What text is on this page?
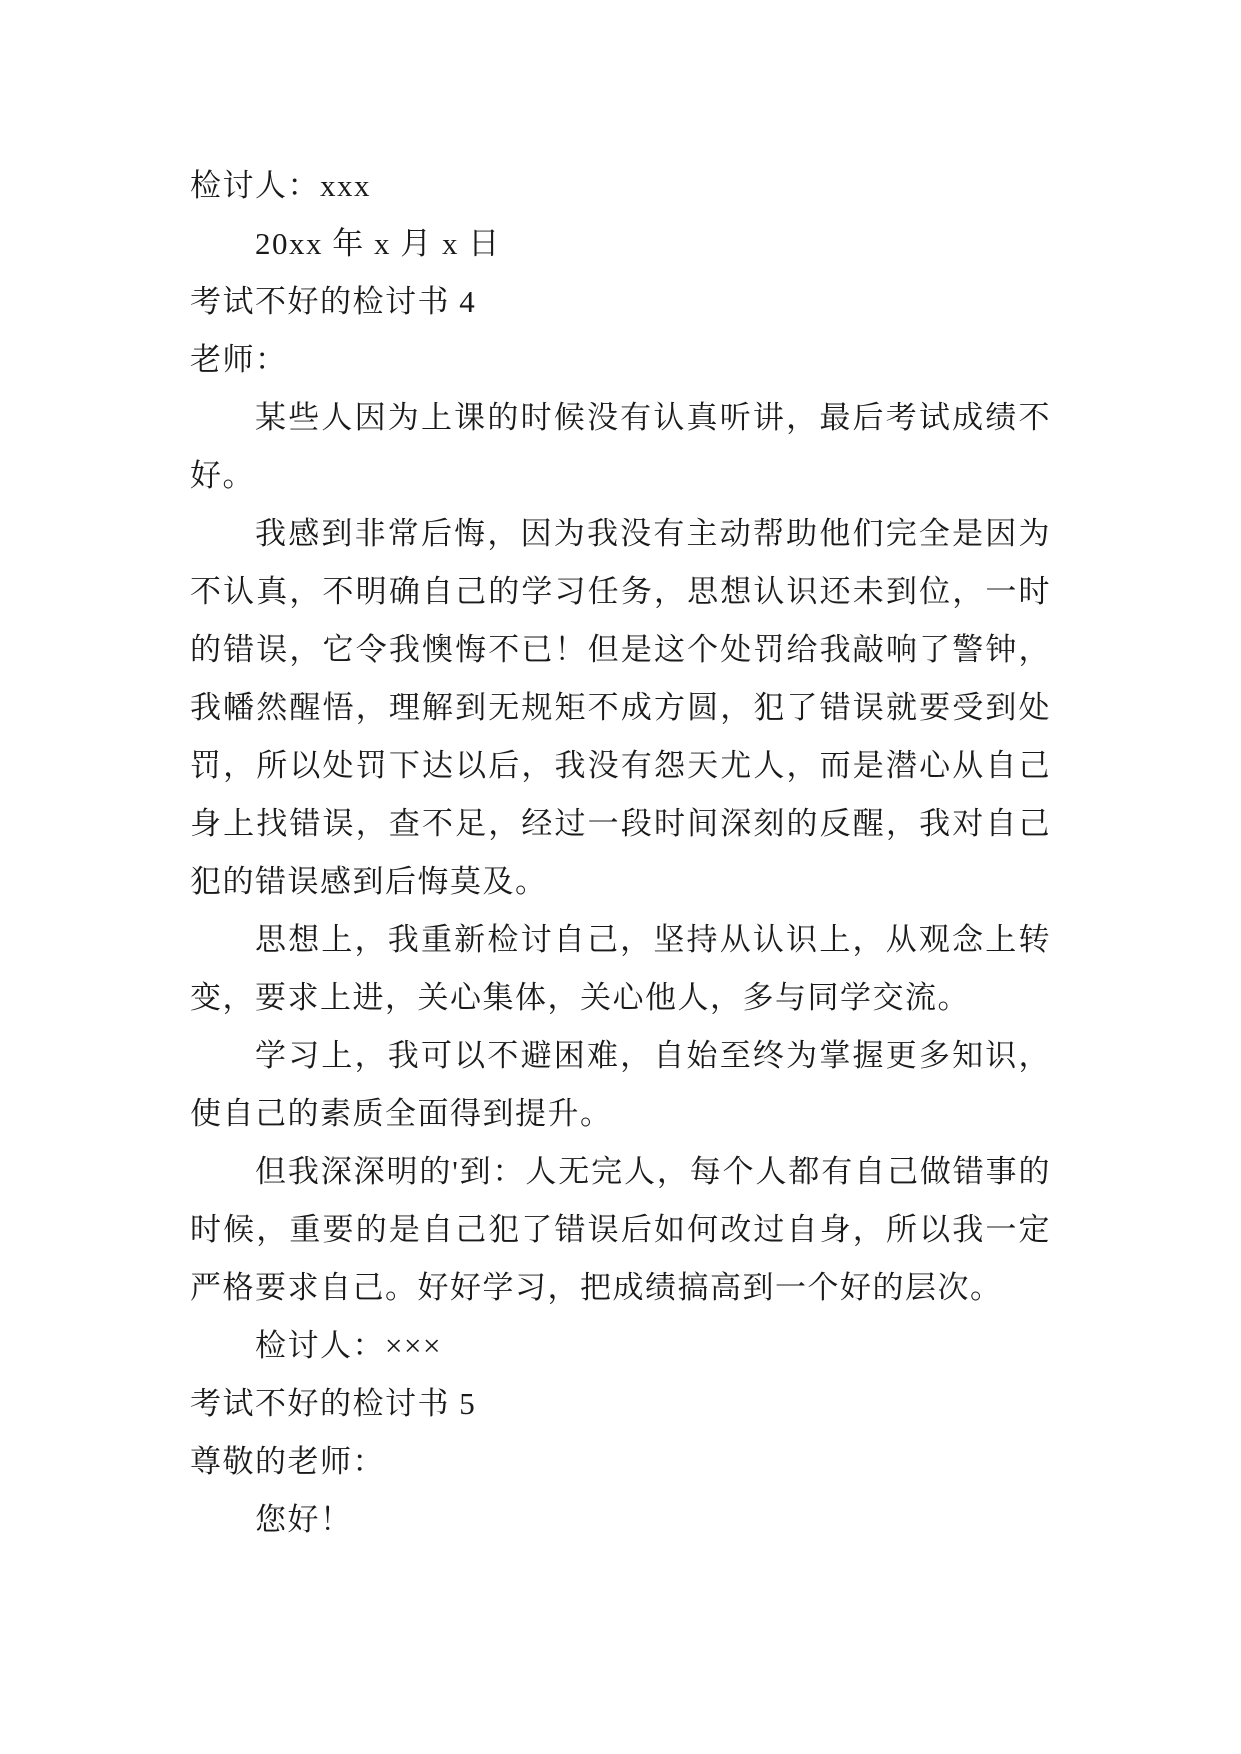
检讨人：xxx

20xx 年 x 月 x 日

考试不好的检讨书 4

老师：

某些人因为上课的时候没有认真听讲，最后考试成绩不好。

我感到非常后悔，因为我没有主动帮助他们完全是因为不认真，不明确自己的学习任务，思想认识还未到位，一时的错误，它令我懊悔不已！但是这个处罚给我敲响了警钟，我幡然醒悟，理解到无规矩不成方圆，犯了错误就要受到处罚，所以处罚下达以后，我没有怨天尤人，而是潜心从自己身上找错误，查不足，经过一段时间深刻的反醒，我对自己犯的错误感到后悔莫及。

思想上，我重新检讨自己，坚持从认识上，从观念上转变，要求上进，关心集体，关心他人，多与同学交流。

学习上，我可以不避困难，自始至终为掌握更多知识，使自己的素质全面得到提升。

但我深深明的'到：人无完人，每个人都有自己做错事的时候，重要的是自己犯了错误后如何改过自身，所以我一定严格要求自己。好好学习，把成绩搞高到一个好的层次。

检讨人：×××

考试不好的检讨书 5

尊敬的老师：

您好！
